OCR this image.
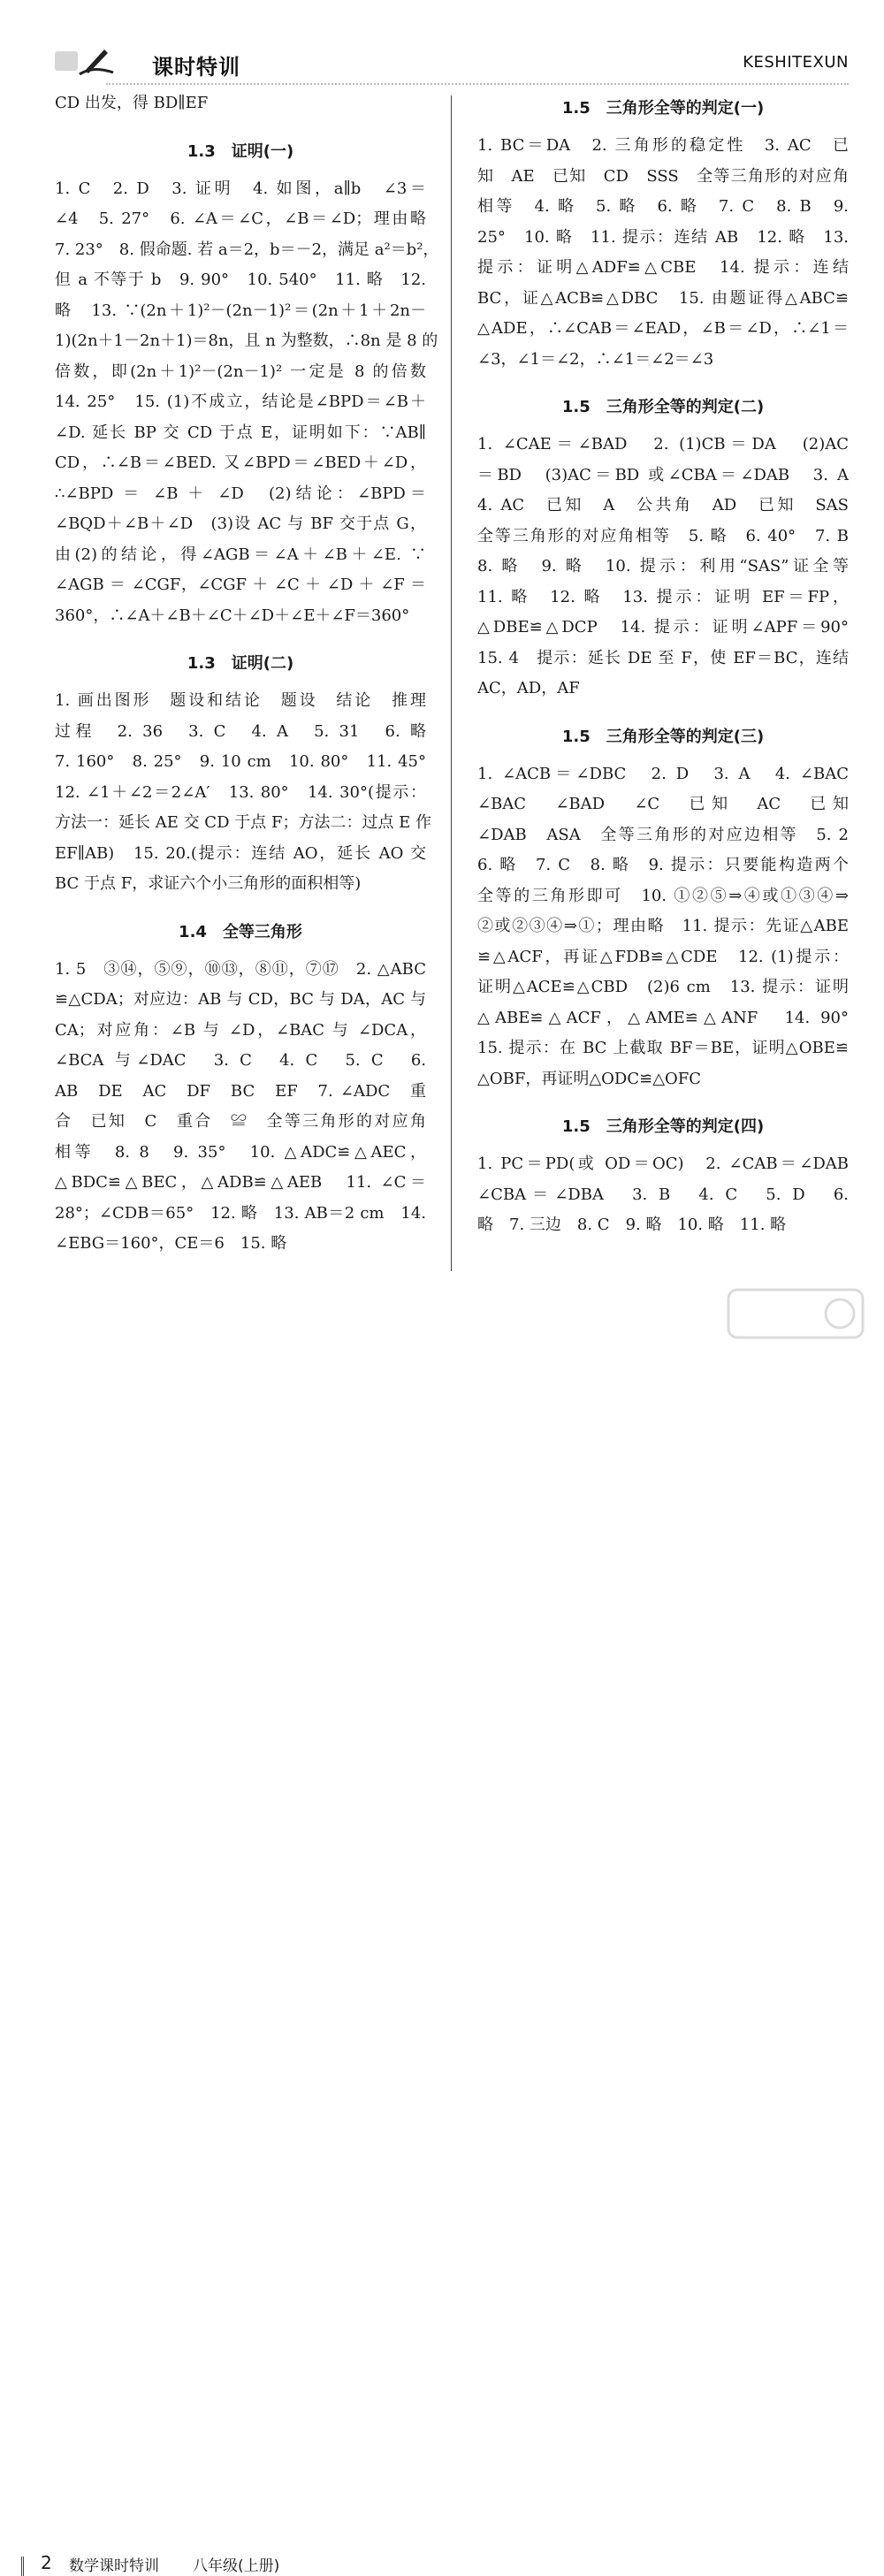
课时特训	KESHITEXUN
CD 出发，得 BD∥EF
1.3　证明(一)
1. C　2. D　3. 证明　4. 如图，a∥b　∠3＝
∠4　5. 27°　6. ∠A＝∠C，∠B＝∠D；理由略
7. 23°　8. 假命题. 若 a＝2，b＝－2，满足 a²＝b²，
但 a 不等于 b　9. 90°　10. 540°　11. 略　12.
略　13. ∵(2n＋1)²－(2n－1)²＝(2n＋1＋2n－
1)(2n＋1－2n＋1)＝8n，且 n 为整数，∴8n 是 8 的
倍数，即(2n＋1)²－(2n－1)² 一定是 8 的倍数
14. 25°　15. (1)不成立，结论是∠BPD＝∠B＋
∠D. 延长 BP 交 CD 于点 E，证明如下：∵AB∥
CD，∴∠B＝∠BED. 又∠BPD＝∠BED＋∠D，
∴∠BPD ＝ ∠B ＋ ∠D　(2)结论：∠BPD＝
∠BQD＋∠B＋∠D　(3)设 AC 与 BF 交于点 G，
由(2)的结论，得∠AGB＝∠A＋∠B＋∠E. ∵
∠AGB ＝ ∠CGF，∠CGF ＋ ∠C ＋ ∠D ＋ ∠F ＝
360°，∴∠A＋∠B＋∠C＋∠D＋∠E＋∠F＝360°
1.3　证明(二)
1. 画出图形　题设和结论　题设　结论　推理
过程　2. 36　3. C　4. A　5. 31　6. 略
7. 160°　8. 25°　9. 10 cm　10. 80°　11. 45°
12. ∠1＋∠2＝2∠A′　13. 80°　14. 30°(提示：
方法一：延长 AE 交 CD 于点 F；方法二：过点 E 作
EF∥AB)　15. 20.(提示：连结 AO，延长 AO 交
BC 于点 F，求证六个小三角形的面积相等)
1.4　全等三角形
1. 5　③⑭，⑤⑨，⑩⑬，⑧⑪，⑦⑰　2. △ABC
≌△CDA；对应边：AB 与 CD，BC 与 DA，AC 与
CA；对应角：∠B 与 ∠D，∠BAC 与 ∠DCA，
∠BCA 与∠DAC　3. C　4. C　5. C　6.
AB　DE　AC　DF　BC　EF　7. ∠ADC　重
合　已知　C　重合　≌　全等三角形的对应角
相等　8. 8　9. 35°　10. △ADC≌△AEC，
△BDC≌△BEC，△ADB≌△AEB　11. ∠C＝
28°；∠CDB＝65°　12. 略　13. AB＝2 cm　14.
∠EBG＝160°，CE＝6　15. 略
1.5　三角形全等的判定(一)
1. BC＝DA　2. 三角形的稳定性　3. AC　已
知　AE　已知　CD　SSS　全等三角形的对应角
相等　4. 略　5. 略　6. 略　7. C　8. B　9.
25°　10. 略　11. 提示：连结 AB　12. 略　13.
提示：证明△ADF≌△CBE　14. 提示：连结
BC，证△ACB≌△DBC　15. 由题证得△ABC≌
△ADE，∴∠CAB＝∠EAD，∠B＝∠D，∴∠1＝
∠3，∠1＝∠2，∴∠1＝∠2＝∠3
1.5　三角形全等的判定(二)
1. ∠CAE＝∠BAD　2. (1)CB＝DA　(2)AC
＝BD　(3)AC＝BD 或∠CBA＝∠DAB　3. A
4. AC　已知　A　公共角　AD　已知　SAS
全等三角形的对应角相等　5. 略　6. 40°　7. B
8. 略　9. 略　10. 提示：利用“SAS”证全等
11. 略　12. 略　13. 提示：证明 EF＝FP，
△DBE≌△DCP　14. 提示：证明∠APF＝90°
15. 4　提示：延长 DE 至 F，使 EF＝BC，连结
AC，AD，AF
1.5　三角形全等的判定(三)
1. ∠ACB＝∠DBC　2. D　3. A　4. ∠BAC
∠BAC　∠BAD　∠C　已知　AC　已知
∠DAB　ASA　全等三角形的对应边相等　5. 2
6. 略　7. C　8. 略　9. 提示：只要能构造两个
全等的三角形即可　10. ①②⑤⇒④或①③④⇒
②或②③④⇒①；理由略　11. 提示：先证△ABE
≌△ACF，再证△FDB≌△CDE　12. (1)提示：
证明△ACE≌△CBD　(2)6 cm　13. 提示：证明
△ABE≌△ACF，△AME≌△ANF　14. 90°
15. 提示：在 BC 上截取 BF＝BE，证明△OBE≌
△OBF，再证明△ODC≌△OFC
1.5　三角形全等的判定(四)
1. PC＝PD(或 OD＝OC)　2. ∠CAB＝∠DAB
∠CBA＝∠DBA　3. B　4. C　5. D　6.
略　7. 三边　8. C　9. 略　10. 略　11. 略
2 数学课时特训 八年级(上册)
